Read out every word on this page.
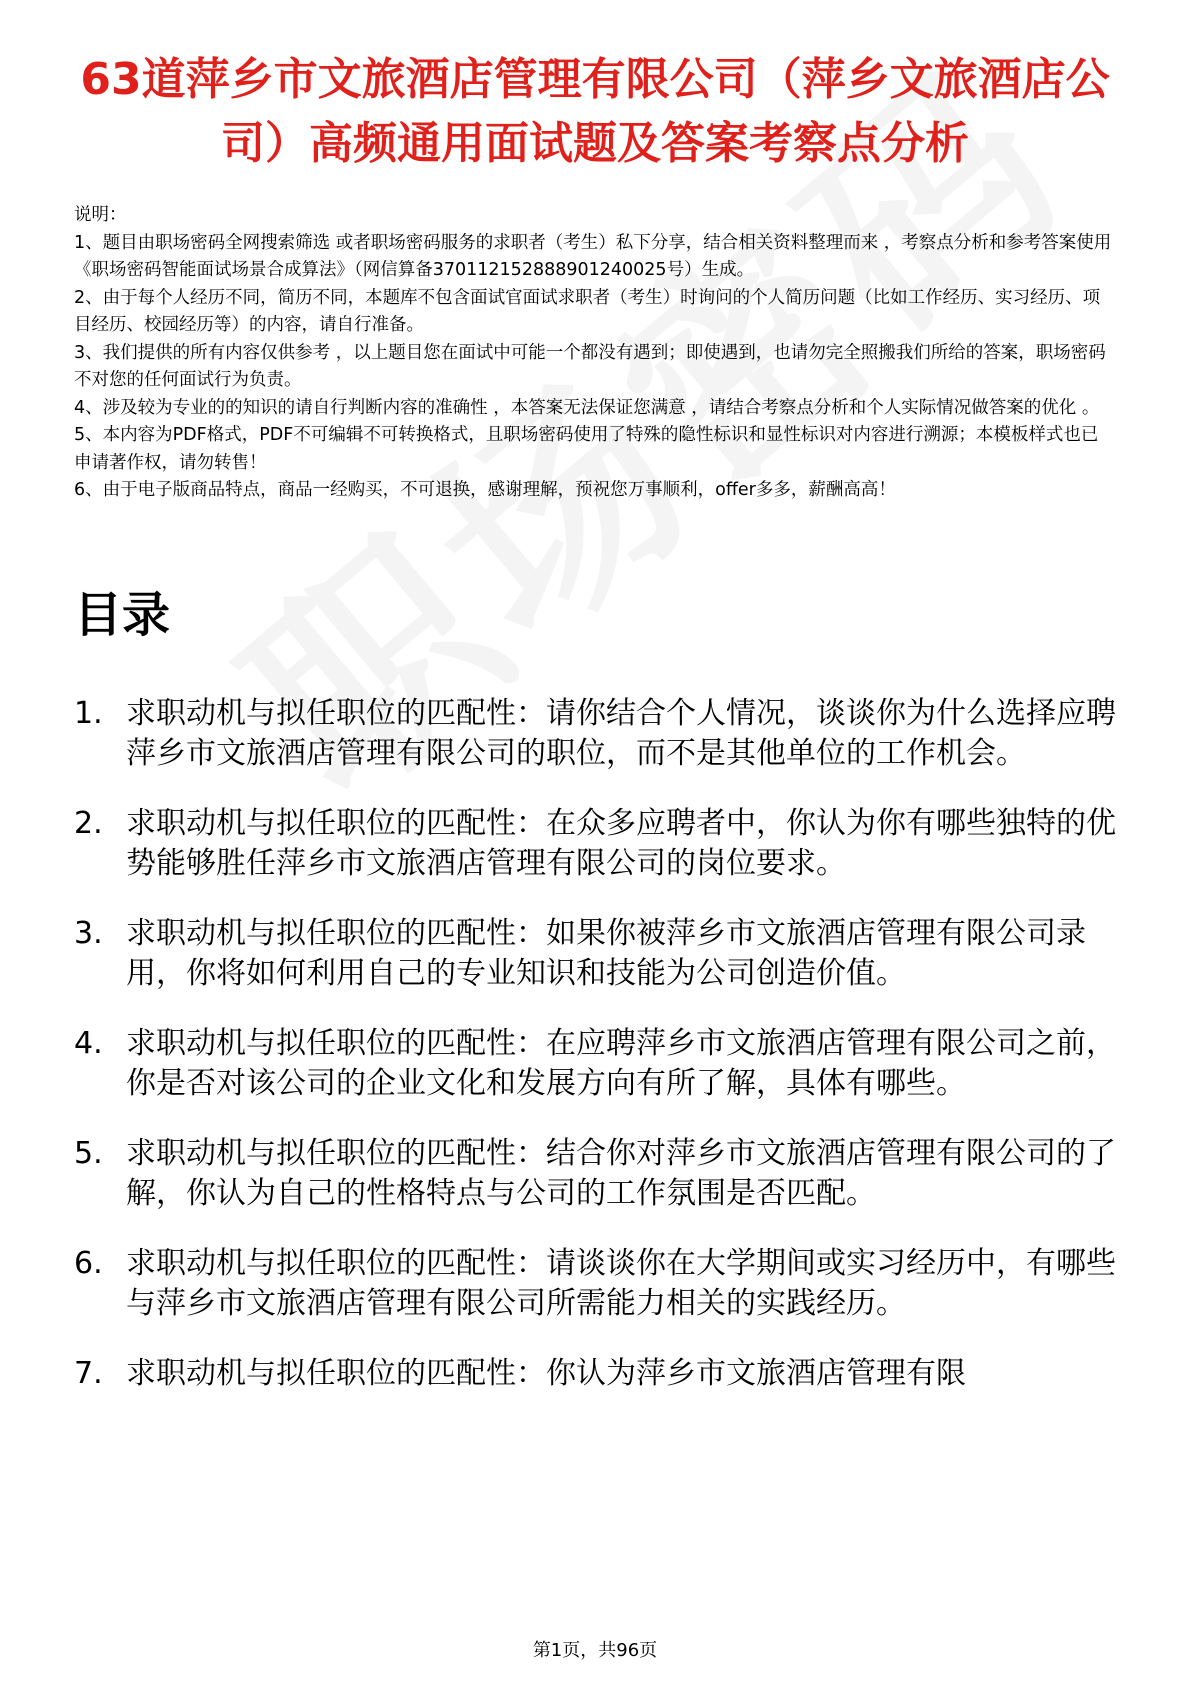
63道萍乡市文旅酒店管理有限公司（萍乡文旅酒店公司）高频通用面试题及答案考察点分析

说明：

1、题目由职场密码全网搜索筛选 或者职场密码服务的求职者（考生）私下分享，结合相关资料整理而来 ，考察点分析和参考答案使用《职场密码智能面试场景合成算法》（网信算备370112152888901240025号）生成。

2、由于每个人经历不同，简历不同，本题库不包含面试官面试求职者（考生）时询问的个人简历问题（比如工作经历、实习经历、项目经历、校园经历等）的内容，请自行准备。

3、我们提供的所有内容仅供参考 ，以上题目您在面试中可能一个都没有遇到；即使遇到，也请勿完全照搬我们所给的答案，职场密码不对您的任何面试行为负责。

4、涉及较为专业的的知识的请自行判断内容的准确性 ，本答案无法保证您满意 ，请结合考察点分析和个人实际情况做答案的优化 。

5、本内容为PDF格式，PDF不可编辑不可转换格式，且职场密码使用了特殊的隐性标识和显性标识对内容进行溯源；本模板样式也已申请著作权，请勿转售！

6、由于电子版商品特点，商品一经购买，不可退换，感谢理解，预祝您万事顺利，offer多多，薪酬高高！

目录
1. 求职动机与拟任职位的匹配性：请你结合个人情况，谈谈你为什么选择应聘萍乡市文旅酒店管理有限公司的职位，而不是其他单位的工作机会。
2. 求职动机与拟任职位的匹配性：在众多应聘者中，你认为你有哪些独特的优势能够胜任萍乡市文旅酒店管理有限公司的岗位要求。
3. 求职动机与拟任职位的匹配性：如果你被萍乡市文旅酒店管理有限公司录用，你将如何利用自己的专业知识和技能为公司创造价值。
4. 求职动机与拟任职位的匹配性：在应聘萍乡市文旅酒店管理有限公司之前，你是否对该公司的企业文化和发展方向有所了解，具体有哪些。
5. 求职动机与拟任职位的匹配性：结合你对萍乡市文旅酒店管理有限公司的了解，你认为自己的性格特点与公司的工作氛围是否匹配。
6. 求职动机与拟任职位的匹配性：请谈谈你在大学期间或实习经历中，有哪些与萍乡市文旅酒店管理有限公司所需能力相关的实践经历。
7. 求职动机与拟任职位的匹配性：你认为萍乡市文旅酒店管理有限
第1页，共96页
